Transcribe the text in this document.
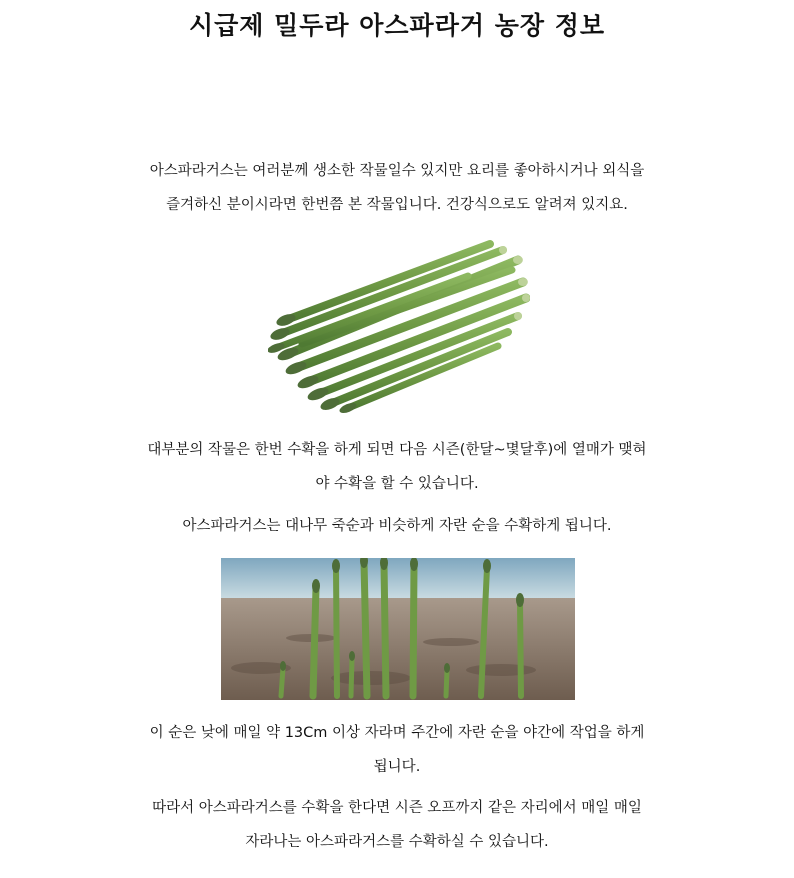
시급제 밀두라 아스파라거 농장 정보
아스파라거스는 여러분께 생소한 작물일수 있지만 요리를 좋아하시거나 외식을
즐겨하신 분이시라면 한번쯤 본 작물입니다. 건강식으로도 알려져 있지요.
대부분의 작물은 한번 수확을 하게 되면 다음 시즌(한달~몇달후)에 열매가 맺혀
야 수확을 할 수 있습니다.
아스파라거스는 대나무 죽순과 비슷하게 자란 순을 수확하게 됩니다.
이 순은 낮에 매일 약 13Cm 이상 자라며 주간에 자란 순을 야간에 작업을 하게
됩니다.
따라서 아스파라거스를 수확을 한다면 시즌 오프까지 같은 자리에서 매일 매일
자라나는 아스파라거스를 수확하실 수 있습니다.
